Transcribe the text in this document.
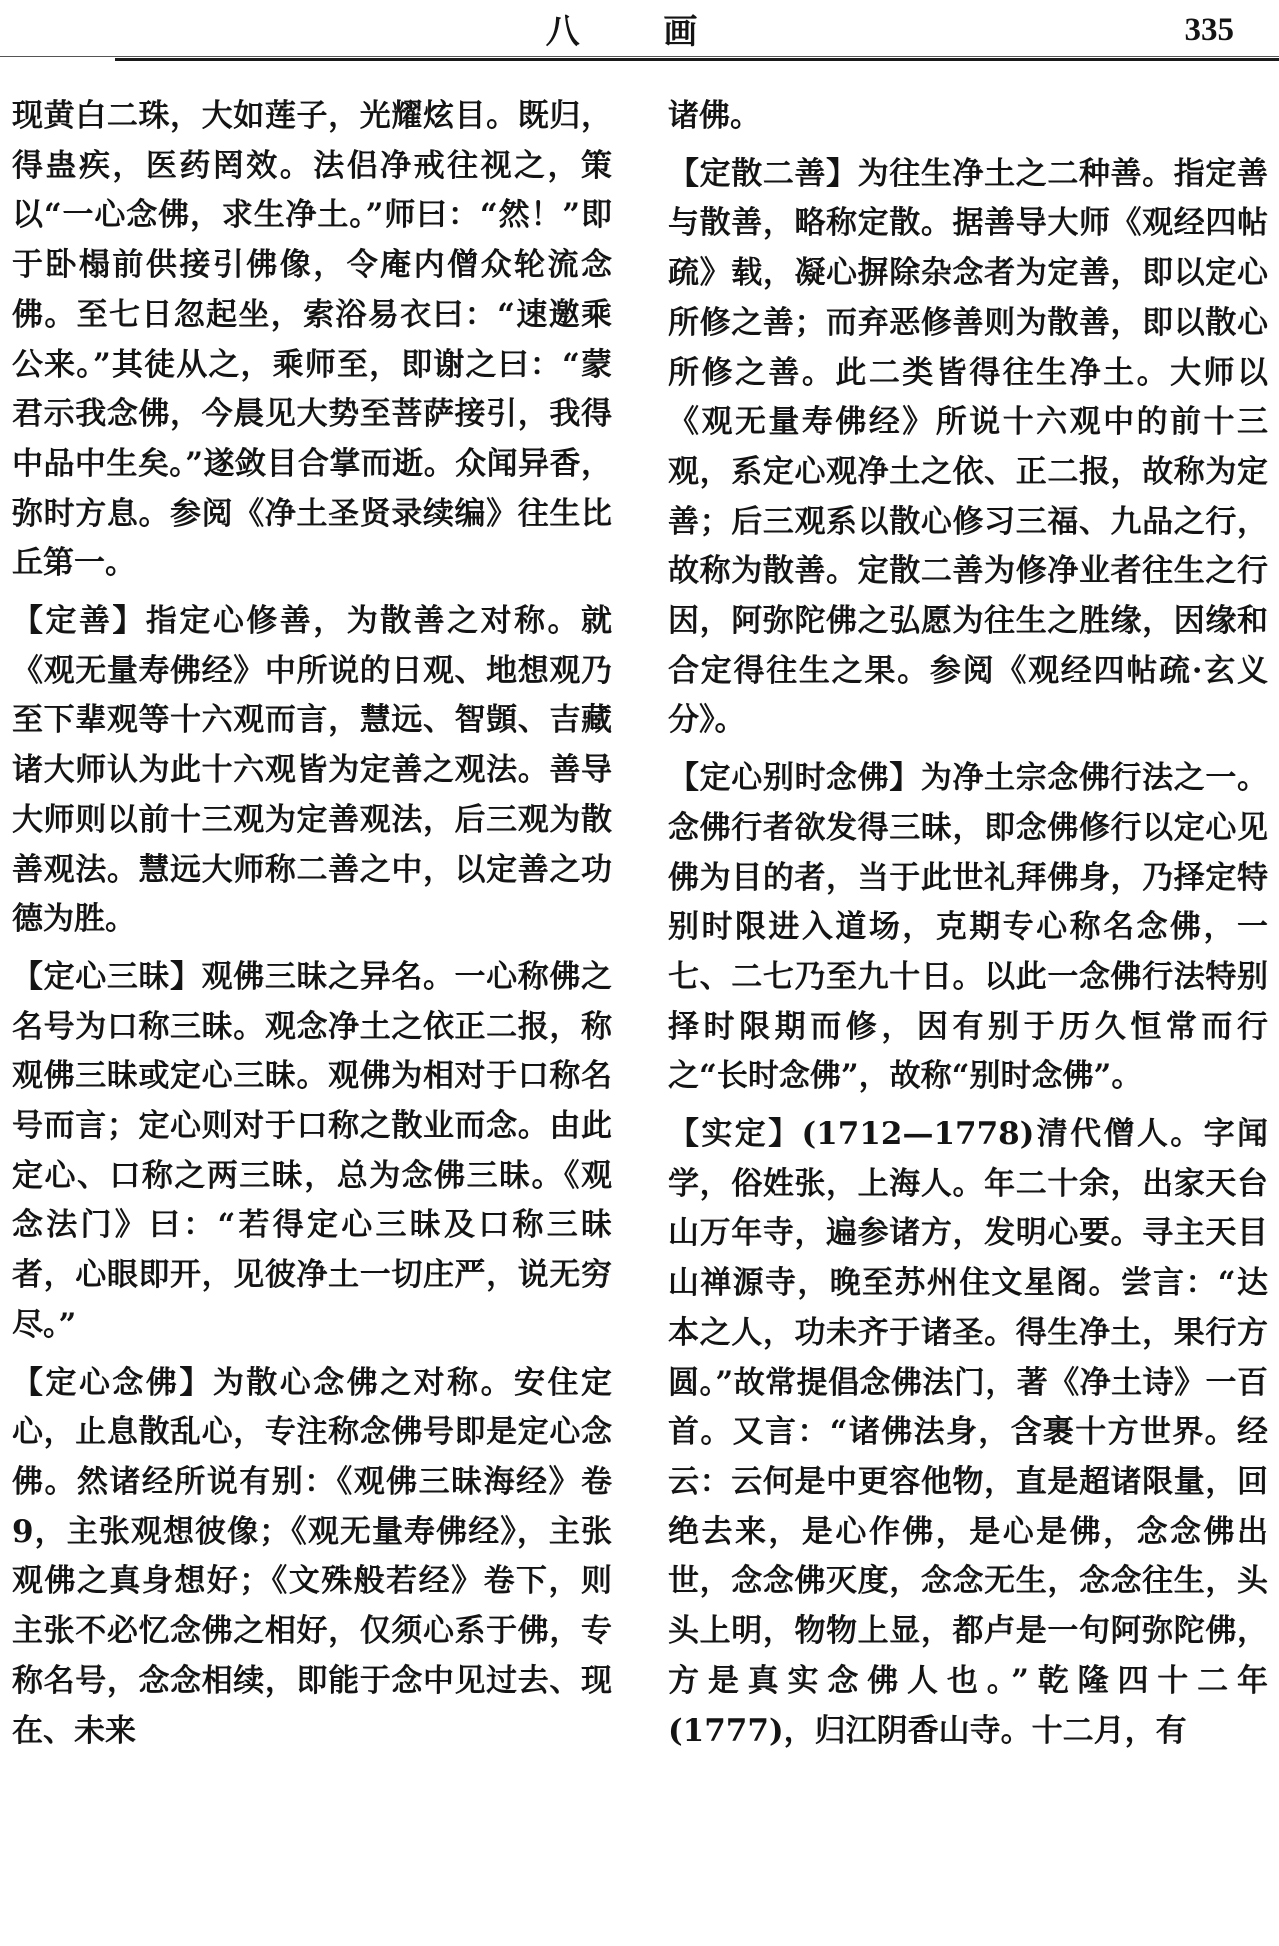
八 画	335

现黄白二珠，大如莲子，光耀炫目。既归，得蛊疾，医药罔效。法侣净戒往视之，策以“一心念佛，求生净土。”师曰：“然！”即于卧榻前供接引佛像，令庵内僧众轮流念佛。至七日忽起坐，索浴易衣曰：“速邀乘公来。”其徒从之，乘师至，即谢之曰：“蒙君示我念佛，今晨见大势至菩萨接引，我得中品中生矣。”遂敛目合掌而逝。众闻异香，弥时方息。参阅《净土圣贤录续编》往生比丘第一。

【定善】指定心修善，为散善之对称。就《观无量寿佛经》中所说的日观、地想观乃至下辈观等十六观而言，慧远、智顗、吉藏诸大师认为此十六观皆为定善之观法。善导大师则以前十三观为定善观法，后三观为散善观法。慧远大师称二善之中，以定善之功德为胜。

【定心三昧】观佛三昧之异名。一心称佛之名号为口称三昧。观念净土之依正二报，称观佛三昧或定心三昧。观佛为相对于口称名号而言；定心则对于口称之散业而念。由此定心、口称之两三昧，总为念佛三昧。《观念法门》曰：“若得定心三昧及口称三昧者，心眼即开，见彼净土一切庄严，说无穷尽。”

【定心念佛】为散心念佛之对称。安住定心，止息散乱心，专注称念佛号即是定心念佛。然诸经所说有别：《观佛三昧海经》卷9，主张观想彼像；《观无量寿佛经》，主张观佛之真身想好；《文殊般若经》卷下，则主张不必忆念佛之相好，仅须心系于佛，专称名号，念念相续，即能于念中见过去、现在、未来

诸佛。

【定散二善】为往生净土之二种善。指定善与散善，略称定散。据善导大师《观经四帖疏》载，凝心摒除杂念者为定善，即以定心所修之善；而弃恶修善则为散善，即以散心所修之善。此二类皆得往生净土。大师以《观无量寿佛经》所说十六观中的前十三观，系定心观净土之依、正二报，故称为定善；后三观系以散心修习三福、九品之行，故称为散善。定散二善为修净业者往生之行因，阿弥陀佛之弘愿为往生之胜缘，因缘和合定得往生之果。参阅《观经四帖疏·玄义分》。

【定心别时念佛】为净土宗念佛行法之一。念佛行者欲发得三昧，即念佛修行以定心见佛为目的者，当于此世礼拜佛身，乃择定特别时限进入道场，克期专心称名念佛，一七、二七乃至九十日。以此一念佛行法特别择时限期而修，因有别于历久恒常而行之“长时念佛”，故称“别时念佛”。

【实定】(1712—1778)清代僧人。字闻学，俗姓张，上海人。年二十余，出家天台山万年寺，遍参诸方，发明心要。寻主天目山禅源寺，晚至苏州住文星阁。尝言：“达本之人，功未齐于诸圣。得生净土，果行方圆。”故常提倡念佛法门，著《净土诗》一百首。又言：“诸佛法身，含裹十方世界。经云：云何是中更容他物，直是超诸限量，回绝去来，是心作佛，是心是佛，念念佛出世，念念佛灭度，念念无生，念念往生，头头上明，物物上显，都卢是一句阿弥陀佛，方是真实念佛人也。”乾隆四十二年(1777)，归江阴香山寺。十二月，有
